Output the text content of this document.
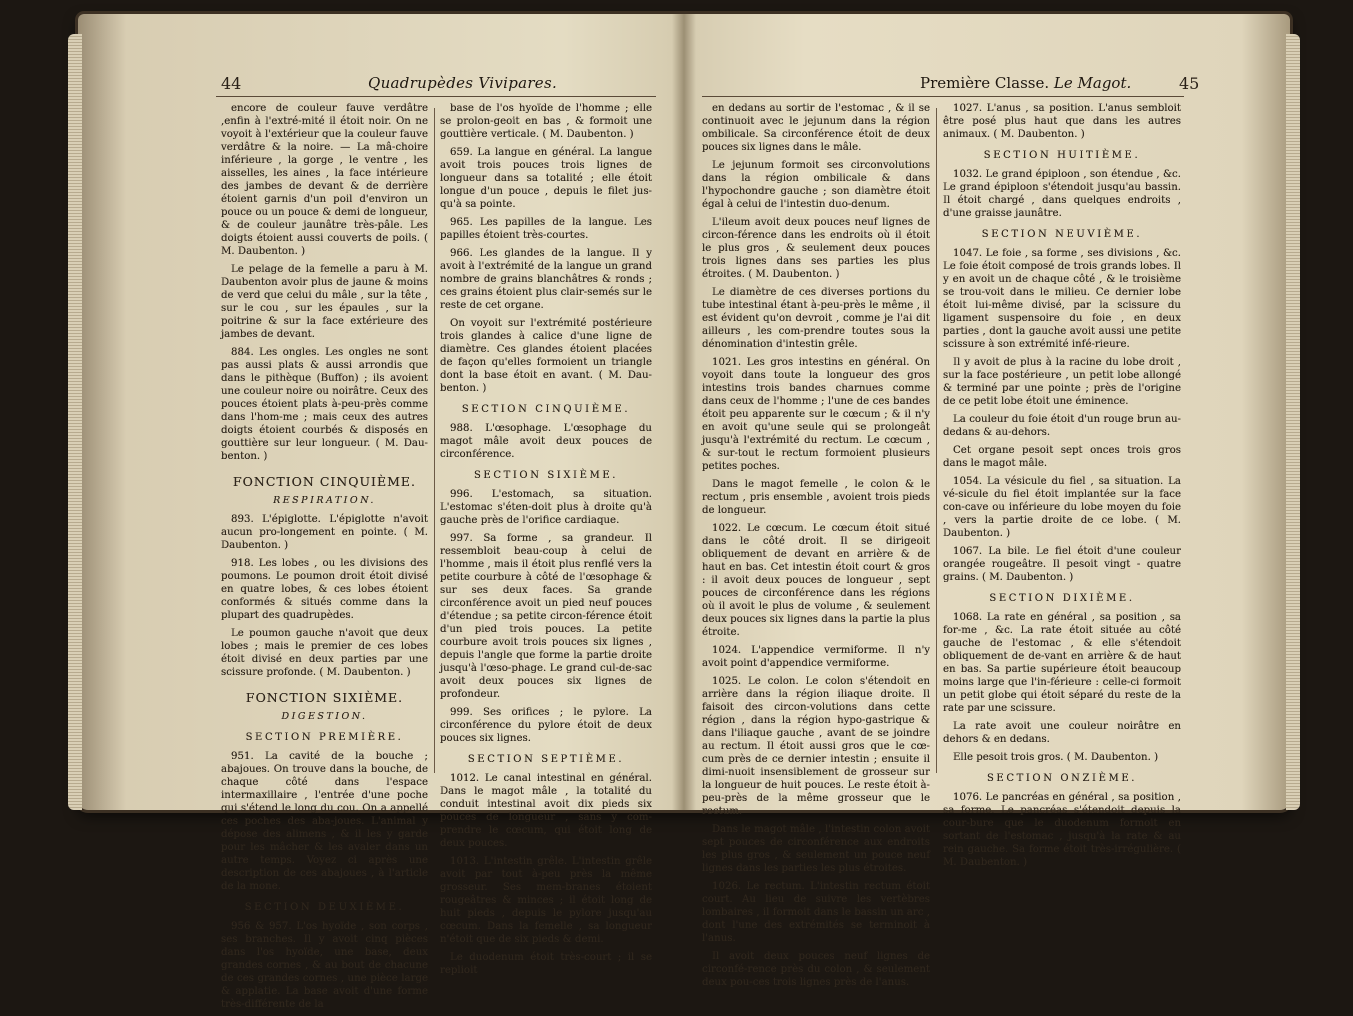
44	Quadrupèdes Vivipares.

encore de couleur fauve verdâtre ,enfin à l'extré-mité il étoit noir. On ne voyoit à l'extérieur que la couleur fauve verdâtre & la noire. — La mâ-choire inférieure , la gorge , le ventre , les aisselles, les aines , la face intérieure des jambes de devant & de derrière étoient garnis d'un poil d'environ un pouce ou un pouce & demi de longueur, & de couleur jaunâtre très-pâle. Les doigts étoient aussi couverts de poils. ( M. Daubenton. )

Le pelage de la femelle a paru à M. Daubenton avoir plus de jaune & moins de verd que celui du mâle , sur la tête , sur le cou , sur les épaules , sur la poitrine & sur la face extérieure des jambes de devant.

884. Les ongles. Les ongles ne sont pas aussi plats & aussi arrondis que dans le pithèque (Buffon) ; ils avoient une couleur noire ou noirâtre. Ceux des pouces étoient plats à-peu-près comme dans l'hom-me ; mais ceux des autres doigts étoient courbés & disposés en gouttière sur leur longueur. ( M. Dau-benton. )

FONCTION CINQUIÈME.
RESPIRATION.

893. L'épiglotte. L'épiglotte n'avoit aucun pro-longement en pointe. ( M. Daubenton. )

918. Les lobes , ou les divisions des poumons. Le poumon droit étoit divisé en quatre lobes, & ces lobes étoient conformés & situés comme dans la plupart des quadrupèdes.

Le poumon gauche n'avoit que deux lobes ; mais le premier de ces lobes étoit divisé en deux parties par une scissure profonde. ( M. Daubenton. )

FONCTION SIXIÈME.
DIGESTION.
SECTION PREMIÈRE.

951. La cavité de la bouche ; abajoues. On trouve dans la bouche, de chaque côté dans l'espace intermaxillaire , l'entrée d'une poche qui s'étend le long du cou. On a appellé ces poches des aba-joues. L'animal y dépose des alimens , & il les y garde pour les mâcher & les avaler dans un autre temps. Voyez ci après une description de ces abajoues , à l'article de la mone.

SECTION DEUXIÈME.

956 & 957. L'os hyoïde , son corps , ses branches. Il y avoit cinq pièces dans l'os hyoïde, une base, deux grandes cornes , & au bout de chacune de ces grandes cornes , une pièce large & applatie. La base avoit d'une forme très-différente de la

base de l'os hyoïde de l'homme ; elle se prolon-geoit en bas , & formoit une gouttière verticale. ( M. Daubenton. )

659. La langue en général. La langue avoit trois pouces trois lignes de longueur dans sa totalité ; elle étoit longue d'un pouce , depuis le filet jus-qu'à sa pointe.

965. Les papilles de la langue. Les papilles étoient très-courtes.

966. Les glandes de la langue. Il y avoit à l'extrémité de la langue un grand nombre de grains blanchâtres & ronds ; ces grains étoient plus clair-semés sur le reste de cet organe.

On voyoit sur l'extrémité postérieure trois glandes à calice d'une ligne de diamètre. Ces glandes étoient placées de façon qu'elles formoient un triangle dont la base étoit en avant. ( M. Dau-benton. )

SECTION CINQUIÈME.

988. L'œsophage. L'œsophage du magot mâle avoit deux pouces de circonférence.

SECTION SIXIÈME.

996. L'estomach, sa situation. L'estomac s'éten-doit plus à droite qu'à gauche près de l'orifice cardiaque.

997. Sa forme , sa grandeur. Il ressembloit beau-coup à celui de l'homme , mais il étoit plus renflé vers la petite courbure à côté de l'œsophage & sur ses deux faces. Sa grande circonférence avoit un pied neuf pouces d'étendue ; sa petite circon-férence étoit d'un pied trois pouces. La petite courbure avoit trois pouces six lignes , depuis l'angle que forme la partie droite jusqu'à l'œso-phage. Le grand cul-de-sac avoit deux pouces six lignes de profondeur.

999. Ses orifices ; le pylore. La circonférence du pylore étoit de deux pouces six lignes.

SECTION SEPTIÈME.

1012. Le canal intestinal en général. Dans le magot mâle , la totalité du conduit intestinal avoit dix pieds six pouces de longueur , sans y com-prendre le cœcum, qui étoit long de deux pouces.

1013. L'intestin grêle. L'intestin grêle avoit par tout à-peu près la même grosseur. Ses mem-branes étoient rougeâtres & minces ; il étoit long de huit pieds , depuis le pylore jusqu'au cœcum. Dans la femelle , sa longueur n'étoit que de six pieds & demi.

Le duodenum étoit très-court ; il se replioit

Première Classe. Le Magot.	45

en dedans au sortir de l'estomac , & il se continuoit avec le jejunum dans la région ombilicale. Sa circonférence étoit de deux pouces six lignes dans le mâle.

Le jejunum formoit ses circonvolutions dans la région ombilicale & dans l'hypochondre gauche ; son diamètre étoit égal à celui de l'intestin duo-denum.

L'ileum avoit deux pouces neuf lignes de circon-férence dans les endroits où il étoit le plus gros , & seulement deux pouces trois lignes dans ses parties les plus étroites. ( M. Daubenton. )

Le diamètre de ces diverses portions du tube intestinal étant à-peu-près le même , il est évident qu'on devroit , comme je l'ai dit ailleurs , les com-prendre toutes sous la dénomination d'intestin grêle.

1021. Les gros intestins en général. On voyoit dans toute la longueur des gros intestins trois bandes charnues comme dans ceux de l'homme ; l'une de ces bandes étoit peu apparente sur le cœcum ; & il n'y en avoit qu'une seule qui se prolongeât jusqu'à l'extrémité du rectum. Le cœcum , & sur-tout le rectum formoient plusieurs petites poches.

Dans le magot femelle , le colon & le rectum , pris ensemble , avoient trois pieds de longueur.

1022. Le cœcum. Le cœcum étoit situé dans le côté droit. Il se dirigeoit obliquement de devant en arrière & de haut en bas. Cet intestin étoit court & gros : il avoit deux pouces de longueur , sept pouces de circonférence dans les régions où il avoit le plus de volume , & seulement deux pouces six lignes dans la partie la plus étroite.

1024. L'appendice vermiforme. Il n'y avoit point d'appendice vermiforme.

1025. Le colon. Le colon s'étendoit en arrière dans la région iliaque droite. Il faisoit des circon-volutions dans cette région , dans la région hypo-gastrique & dans l'iliaque gauche , avant de se joindre au rectum. Il étoit aussi gros que le cœ-cum près de ce dernier intestin ; ensuite il dimi-nuoit insensiblement de grosseur sur la longueur de huit pouces. Le reste étoit à-peu-près de la même grosseur que le rectum.

Dans le magot mâle , l'intestin colon avoit sept pouces de circonférence aux endroits les plus gros , & seulement un pouce neuf lignes dans les parties les plus étroites.

1026. Le rectum. L'intestin rectum étoit court. Au lieu de suivre les vertèbres lombaires , il formoit dans le bassin un arc , dont l'une des extrémités se terminoit à l'anus.

Il avoit deux pouces neuf lignes de circonfé-rence près du colon , & seulement deux pou-ces trois lignes près de l'anus.

1027. L'anus , sa position. L'anus sembloit être posé plus haut que dans les autres animaux. ( M. Daubenton. )

SECTION HUITIÈME.

1032. Le grand épiploon , son étendue , &c. Le grand épiploon s'étendoit jusqu'au bassin. Il étoit chargé , dans quelques endroits , d'une graisse jaunâtre.

SECTION NEUVIÈME.

1047. Le foie , sa forme , ses divisions , &c. Le foie étoit composé de trois grands lobes. Il y en avoit un de chaque côté , & le troisième se trou-voit dans le milieu. Ce dernier lobe étoit lui-même divisé, par la scissure du ligament suspensoire du foie , en deux parties , dont la gauche avoit aussi une petite scissure à son extrémité infé-rieure.

Il y avoit de plus à la racine du lobe droit , sur la face postérieure , un petit lobe allongé & terminé par une pointe ; près de l'origine de ce petit lobe étoit une éminence.

La couleur du foie étoit d'un rouge brun au-dedans & au-dehors.

Cet organe pesoit sept onces trois gros dans le magot mâle.

1054. La vésicule du fiel , sa situation. La vé-sicule du fiel étoit implantée sur la face con-cave ou inférieure du lobe moyen du foie , vers la partie droite de ce lobe. ( M. Daubenton. )

1067. La bile. Le fiel étoit d'une couleur orangée rougeâtre. Il pesoit vingt - quatre grains. ( M. Daubenton. )

SECTION DIXIÈME.

1068. La rate en général , sa position , sa for-me , &c. La rate étoit située au côté gauche de l'estomac , & elle s'étendoit obliquement de de-vant en arrière & de haut en bas. Sa partie supérieure étoit beaucoup moins large que l'in-férieure : celle-ci formoit un petit globe qui étoit séparé du reste de la rate par une scissure.

La rate avoit une couleur noirâtre en dehors & en dedans.

Elle pesoit trois gros. ( M. Daubenton. )

SECTION ONZIÈME.

1076. Le pancréas en général , sa position , sa forme. Le pancréas s'étendoit depuis la cour-bure que le duodenum formoit en sortant de l'estomac , jusqu'à la rate & au rein gauche. Sa forme étoit très-irrégulière. ( M. Daubenton. )
